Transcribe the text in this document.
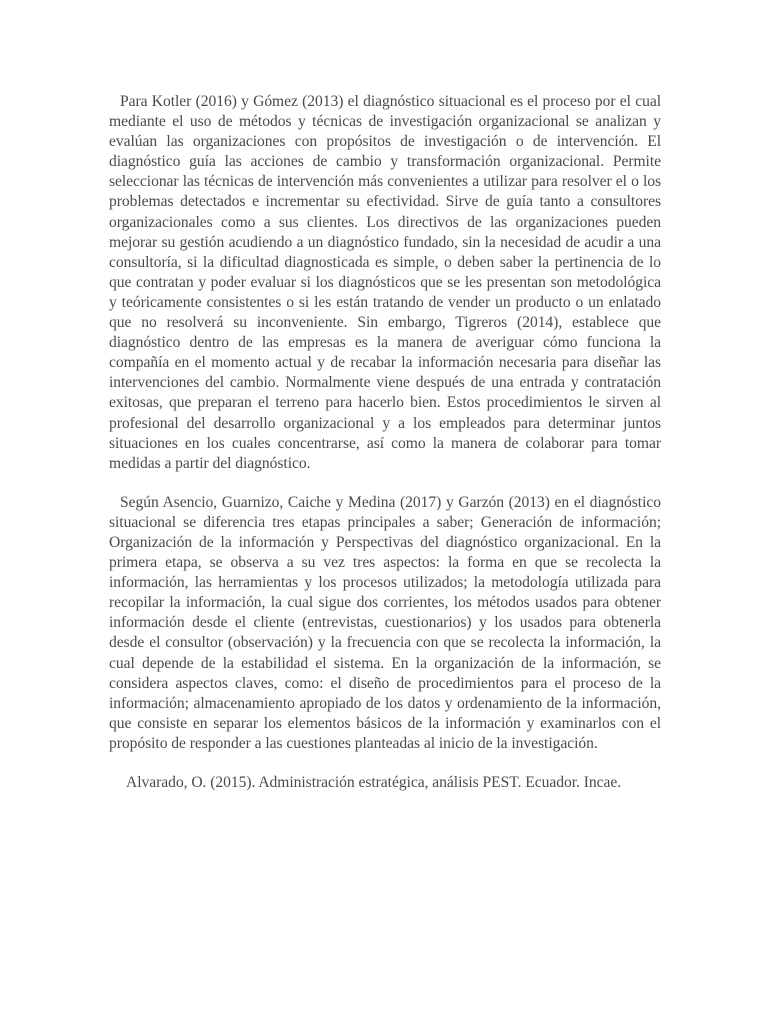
Para Kotler (2016) y Gómez (2013) el diagnóstico situacional es el proceso por el cual mediante el uso de métodos y técnicas de investigación organizacional se analizan y evalúan las organizaciones con propósitos de investigación o de intervención. El diagnóstico guía las acciones de cambio y transformación organizacional. Permite seleccionar las técnicas de intervención más convenientes a utilizar para resolver el o los problemas detectados e incrementar su efectividad. Sirve de guía tanto a consultores organizacionales como a sus clientes. Los directivos de las organizaciones pueden mejorar su gestión acudiendo a un diagnóstico fundado, sin la necesidad de acudir a una consultoría, si la dificultad diagnosticada es simple, o deben saber la pertinencia de lo que contratan y poder evaluar si los diagnósticos que se les presentan son metodológica y teóricamente consistentes o si les están tratando de vender un producto o un enlatado que no resolverá su inconveniente. Sin embargo, Tigreros (2014), establece que diagnóstico dentro de las empresas es la manera de averiguar cómo funciona la compañía en el momento actual y de recabar la información necesaria para diseñar las intervenciones del cambio. Normalmente viene después de una entrada y contratación exitosas, que preparan el terreno para hacerlo bien. Estos procedimientos le sirven al profesional del desarrollo organizacional y a los empleados para determinar juntos situaciones en los cuales concentrarse, así como la manera de colaborar para tomar medidas a partir del diagnóstico.

Según Asencio, Guarnizo, Caiche y Medina (2017) y Garzón (2013) en el diagnóstico situacional se diferencia tres etapas principales a saber; Generación de información; Organización de la información y Perspectivas del diagnóstico organizacional. En la primera etapa, se observa a su vez tres aspectos: la forma en que se recolecta la información, las herramientas y los procesos utilizados; la metodología utilizada para recopilar la información, la cual sigue dos corrientes, los métodos usados para obtener información desde el cliente (entrevistas, cuestionarios) y los usados para obtenerla desde el consultor (observación) y la frecuencia con que se recolecta la información, la cual depende de la estabilidad el sistema. En la organización de la información, se considera aspectos claves, como: el diseño de procedimientos para el proceso de la información; almacenamiento apropiado de los datos y ordenamiento de la información, que consiste en separar los elementos básicos de la información y examinarlos con el propósito de responder a las cuestiones planteadas al inicio de la investigación.

Alvarado, O. (2015). Administración estratégica, análisis PEST. Ecuador. Incae.
